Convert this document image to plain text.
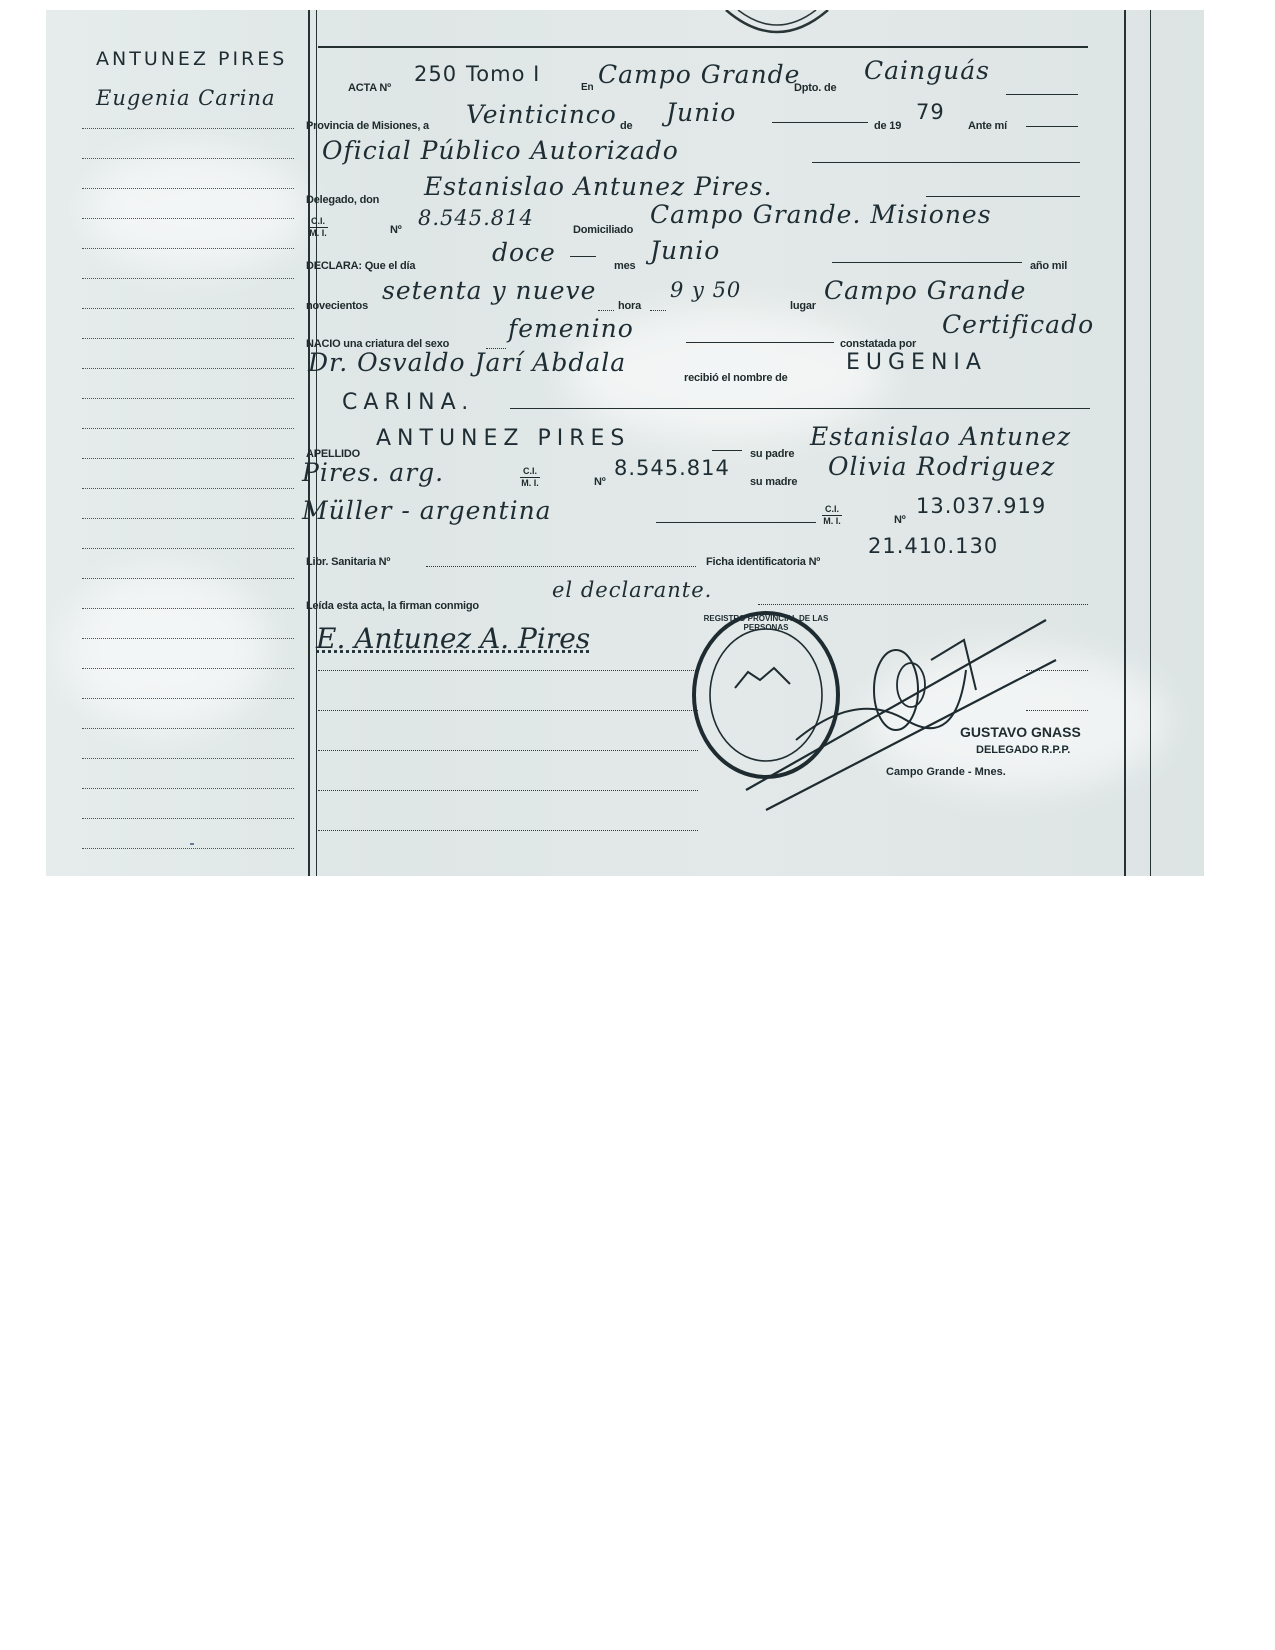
ANTUNEZ PIRES
Eugenia Carina	ACTA Nº
250 Tomo I
En Campo Grande
Dpto. de
Cainguás
Provincia de Misiones, a Veinticinco de Junio	de 19
79
Ante mí
Oficial Público Autorizado
Delegado, don Estanislao Antunez Pires.
$\frac{C.I.}{M. I.}$	Nº 8.545.814	Domiciliado
Campo Grande. Misiones
DECLARA: Que el día	doce	mes
Junio
año mil
novecientos
setenta y nueve
hora
9 y 50
lugar
Campo Grande
NACIO una criatura del sexo
femenino
constatada por
Certificado
Dr. Osvaldo Jarí Abdala
recibió el nombre de
EUGENIA
CARINA.
APELLIDO
ANTUNEZ PIRES
su padre
Estanislao Antunez
Pires. arg.	$\frac{C.I.}{M. I.}$	Nº
8.545.814
su madre
Olivia Rodriguez
Müller - argentina	$\frac{C.I.}{M. I.}$	Nº
13.037.919
Libr. Sanitaria Nº	Ficha identificatoria Nº
21.410.130
Leída esta acta, la firman conmigo
el declarante.
E. Antunez A. Pires
REGISTRO PROVINCIAL DE LAS PERSONAS
GUSTAVO GNASS
DELEGADO R.P.P.
Campo Grande - Mnes.
